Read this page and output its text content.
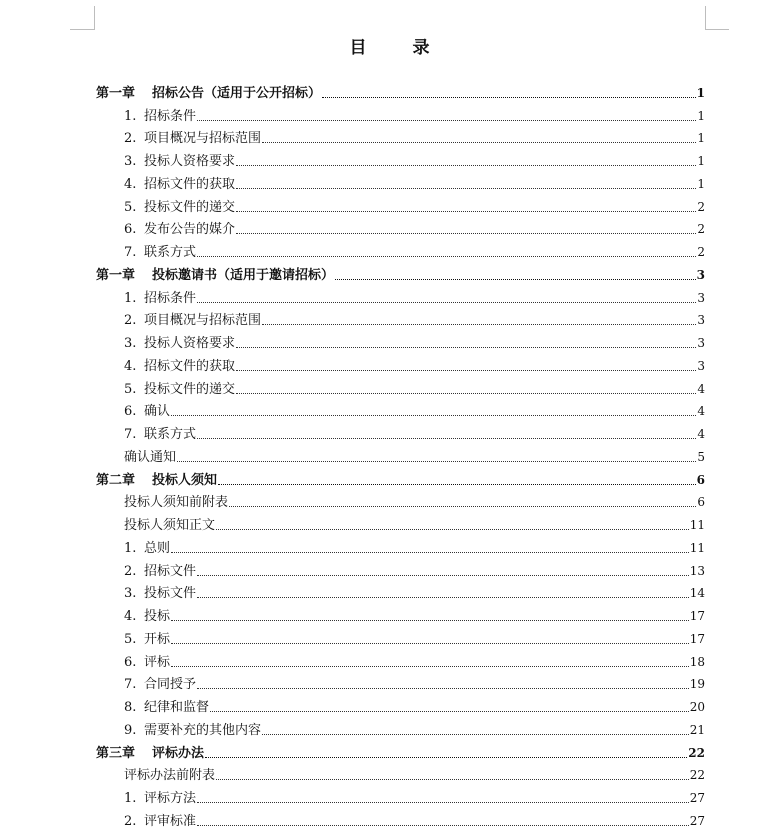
目 录
第一章 招标公告（适用于公开招标）	1
1. 招标条件	1
2. 项目概况与招标范围	1
3. 投标人资格要求	1
4. 招标文件的获取	1
5. 投标文件的递交	2
6. 发布公告的媒介	2
7. 联系方式	2
第一章 投标邀请书（适用于邀请招标）	3
1. 招标条件	3
2. 项目概况与招标范围	3
3. 投标人资格要求	3
4. 招标文件的获取	3
5. 投标文件的递交	4
6. 确认	4
7. 联系方式	4
确认通知	5
第二章 投标人须知	6
投标人须知前附表	6
投标人须知正文	11
1. 总则	11
2. 招标文件	13
3. 投标文件	14
4. 投标	17
5. 开标	17
6. 评标	18
7. 合同授予	19
8. 纪律和监督	20
9. 需要补充的其他内容	21
第三章 评标办法	22
评标办法前附表	22
1. 评标方法	27
2. 评审标准	27
